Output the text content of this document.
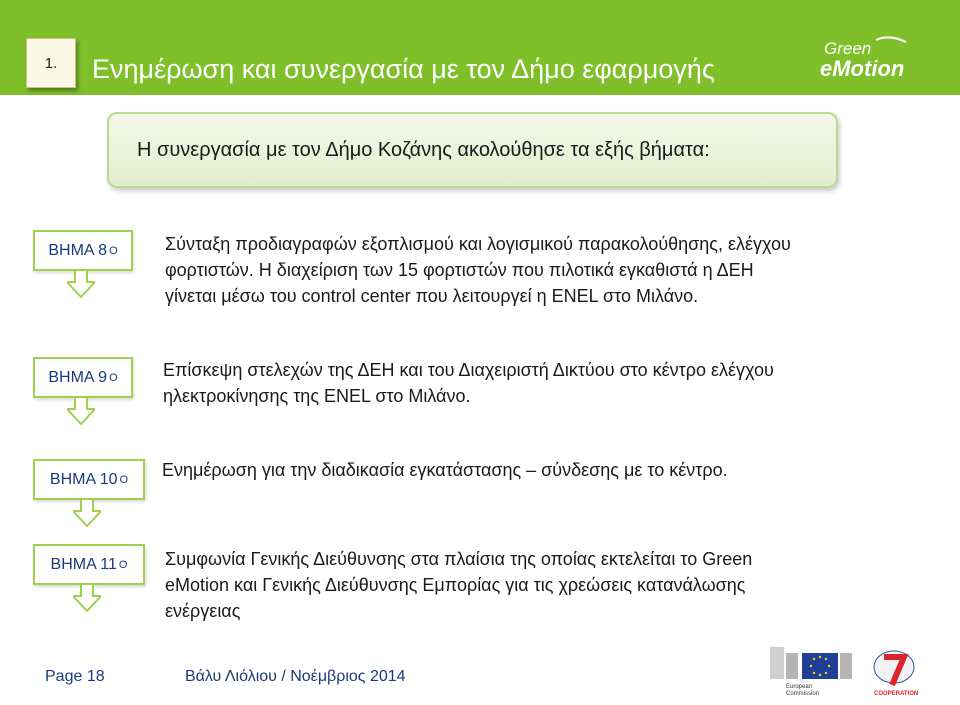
1.	Ενημέρωση και συνεργασία με τον Δήμο εφαρμογής
Green
eMotion
Η συνεργασία με τον Δήμο Κοζάνης ακολούθησε τα εξής βήματα:
ΒΗΜΑ 8 Ο	Σύνταξη προδιαγραφών εξοπλισμού και λογισμικού παρακολούθησης, ελέγχου

φορτιστών. Η διαχείριση των 15 φορτιστών που πιλοτικά εγκαθιστά η ΔΕΗ

γίνεται μέσω του control center που λειτουργεί η ENEL στο Μιλάνο.

ΒΗΜΑ 9 Ο	Επίσκεψη στελεχών της ΔΕΗ και του Διαχειριστή Δικτύου στο κέντρο ελέγχου

ηλεκτροκίνησης της ENEL στο Μιλάνο.

ΒΗΜΑ 10 Ο Ενημέρωση για την διαδικασία εγκατάστασης – σύνδεσης με το κέντρο.

ΒΗΜΑ 11 Ο Συμφωνία Γενικής Διεύθυνσης στα πλαίσια της οποίας εκτελείται το Green

eMotion και Γενικής Διεύθυνσης Εμπορίας για τις χρεώσεις κατανάλωσης

ενέργειας

Page 18	Βάλυ Λιόλιου / Νοέμβριος 2014
European
Commission	COOPERATION
